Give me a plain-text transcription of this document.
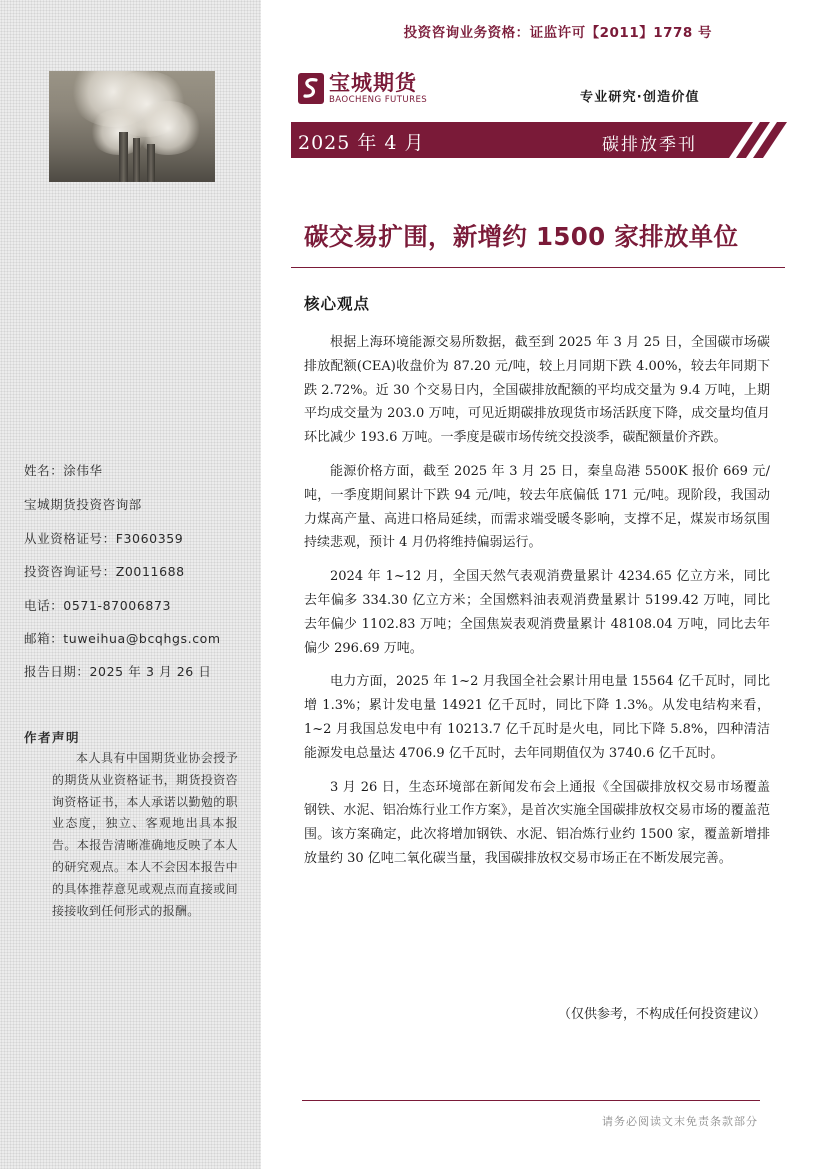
姓名：涂伟华
宝城期货投资咨询部
从业资格证号：F3060359
投资咨询证号：Z0011688
电话：0571-87006873
邮箱：tuweihua@bcqhgs.com
报告日期：2025 年 3 月 26 日
作者声明
本人具有中国期货业协会授予的期货从业资格证书，期货投资咨询资格证书，本人承诺以勤勉的职业态度，独立、客观地出具本报告。本报告清晰准确地反映了本人的研究观点。本人不会因本报告中的具体推荐意见或观点而直接或间接接收到任何形式的报酬。
投资咨询业务资格：证监许可【2011】1778 号
宝城期货
BAOCHENG FUTURES	专业研究·创造价值
2025 年 4 月	碳排放季刊
碳交易扩围，新增约 1500 家排放单位
核心观点

根据上海环境能源交易所数据，截至到 2025 年 3 月 25 日，全国碳市场碳排放配额(CEA)收盘价为 87.20 元/吨，较上月同期下跌 4.00%，较去年同期下跌 2.72%。近 30 个交易日内，全国碳排放配额的平均成交量为 9.4 万吨，上期平均成交量为 203.0 万吨，可见近期碳排放现货市场活跃度下降，成交量均值月环比减少 193.6 万吨。一季度是碳市场传统交投淡季，碳配额量价齐跌。

能源价格方面，截至 2025 年 3 月 25 日，秦皇岛港 5500K 报价 669 元/吨，一季度期间累计下跌 94 元/吨，较去年底偏低 171 元/吨。现阶段，我国动力煤高产量、高进口格局延续，而需求端受暖冬影响，支撑不足，煤炭市场氛围持续悲观，预计 4 月仍将维持偏弱运行。

2024 年 1~12 月，全国天然气表观消费量累计 4234.65 亿立方米，同比去年偏多 334.30 亿立方米；全国燃料油表观消费量累计 5199.42 万吨，同比去年偏少 1102.83 万吨；全国焦炭表观消费量累计 48108.04 万吨，同比去年偏少 296.69 万吨。

电力方面，2025 年 1~2 月我国全社会累计用电量 15564 亿千瓦时，同比增 1.3%；累计发电量 14921 亿千瓦时，同比下降 1.3%。从发电结构来看，1~2 月我国总发电中有 10213.7 亿千瓦时是火电，同比下降 5.8%，四种清洁能源发电总量达 4706.9 亿千瓦时，去年同期值仅为 3740.6 亿千瓦时。

3 月 26 日，生态环境部在新闻发布会上通报《全国碳排放权交易市场覆盖钢铁、水泥、铝冶炼行业工作方案》，是首次实施全国碳排放权交易市场的覆盖范围。该方案确定，此次将增加钢铁、水泥、铝冶炼行业约 1500 家，覆盖新增排放量约 30 亿吨二氧化碳当量，我国碳排放权交易市场正在不断发展完善。

（仅供参考，不构成任何投资建议）
请务必阅读文末免责条款部分
